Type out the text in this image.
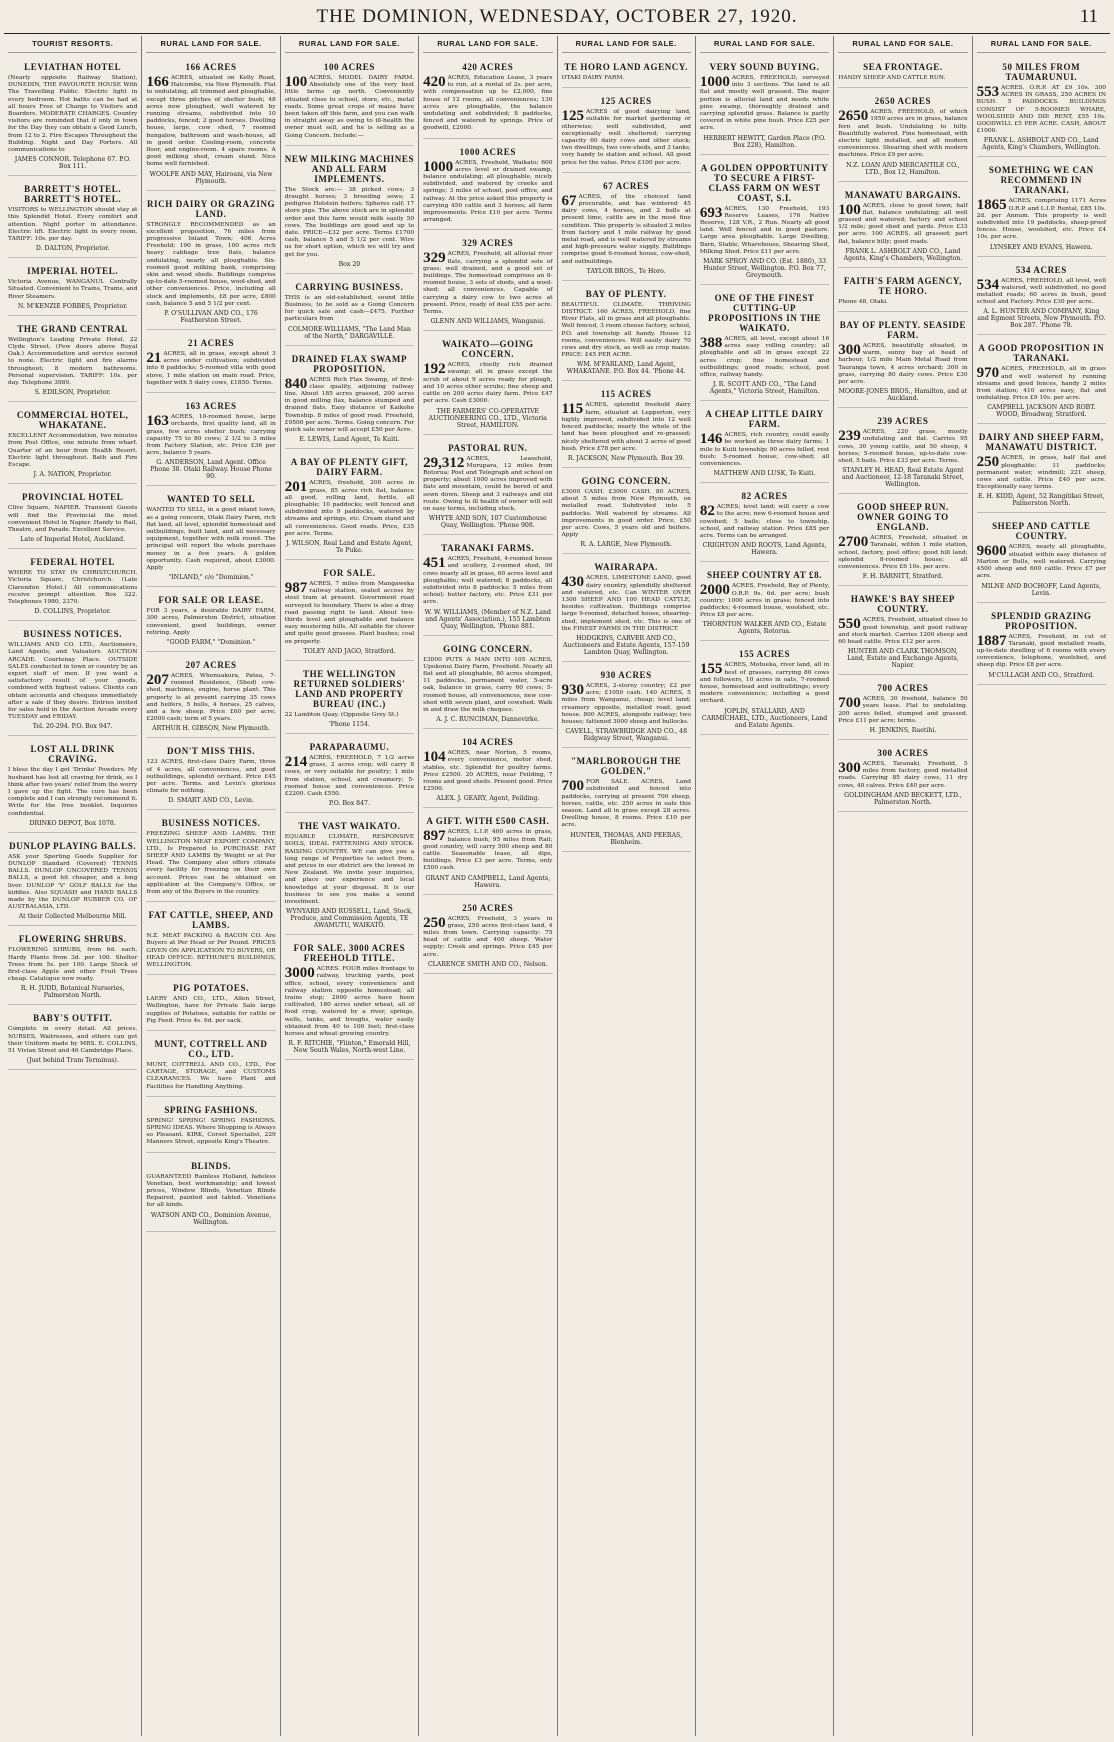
THE DOMINION, WEDNESDAY, OCTOBER 27, 1920.	11
TOURIST RESORTS.
LEVIATHAN HOTEL
(Nearly opposite Railway Station), DUNEDIN, THE FAVOURITE HOUSE With The Travelling Public. Electric light in every bedroom. Hot baths can be had at all hours Free of Charge to Visitors and Boarders. MODERATE CHARGES. Country visitors are reminded that if only in town for the Day they can obtain a Good Lunch, from 12 to 2. Fire Escapes Throughout the Building. Night and Day Porters. All communications to
JAMES CONNOR. Telephone 67. P.O. Box 111.
BARRETT'S HOTEL. BARRETT'S HOTEL.
VISITORS to WELLINGTON should stay at this Splendid Hotel. Every comfort and attention. Night porter in attendance. Electric lift. Electric light in every room. TARIFF: 10s. per day.
D. DALTON, Proprietor.
IMPERIAL HOTEL.
Victoria Avenue, WANGANUI. Centrally Situated. Convenient to Trains, Trams, and River Steamers.
N. M'KENZIE FORBES, Proprietor.
THE GRAND CENTRAL
Wellington's Leading Private Hotel. 22 Clyde Street. (Few doors above Royal Oak.) Accommodation and service second to none. Electric light and fire alarms throughout; 8 modern bathrooms. Personal supervision. TARIFF: 10s. per day. Telephone 3989.
S. EDILSON, Proprietor.
COMMERCIAL HOTEL, WHAKATANE.
EXCELLENT Accommodation, two minutes from Post Office, one minute from wharf. Quarter of an hour from Health Resort. Electric light throughout. Bath and Fire Escape.
J. A. NATION, Proprietor.
PROVINCIAL HOTEL
Clive Square, NAPIER. Transient Guests will find the Provincial the most convenient Hotel in Napier. Handy to Rail, Theatre, and Parade. Excellent Service.
Late of Imperial Hotel, Auckland.
FEDERAL HOTEL
WHERE TO STAY IN CHRISTCHURCH. Victoria Square, Christchurch. (Late Clarendon Hotel.) All communications receive prompt attention. Box 322. Telephones 1980, 2370.
D. COLLINS, Proprietor.
BUSINESS NOTICES.
WILLIAMS AND CO. LTD., Auctioneers, Land Agents, and Valuators. AUCTION ARCADE. Courtenay Place. OUTSIDE SALES conducted in town or country by an expert staff of men. If you want a satisfactory result of your goods, combined with highest values. Clients can obtain accounts and cheques immediately after a sale if they desire. Entries invited for sales held in the Auction Arcade every TUESDAY and FRIDAY.
Tel. 20-294. P.O. Box 947.
LOST ALL DRINK CRAVING.
I bless the day I got 'Drinko' Powders. My husband has lost all craving for drink, so I think after two years' relief from the worry I gave up the fight. The cure has been complete and I can strongly recommend it. Write for the free booklet. Inquiries confidential.
DRINKO DEPOT, Box 1078.
DUNLOP PLAYING BALLS.
ASK your Sporting Goods Supplier for DUNLOP Standard (Covered) TENNIS BALLS. DUNLOP UNCOVERED TENNIS BALLS, a good hit cheaper, and a long liver. DUNLOP 'V' GOLF BALLS for the kiddies. Also SQUASH and HAND BALLS made by the DUNLOP RUBBER CO. OF AUSTRALASIA, LTD.
At their Collected Melbourne Mill.
FLOWERING SHRUBS.
FLOWERING SHRUBS, from 6d. each. Hardy Plants from 3d. per 100. Shelter Trees from 5s. per 100. Large Stock of first-class Apple and other Fruit Trees cheap. Catalogue now ready.
R. H. JUDD, Botanical Nurseries, Palmerston North.
BABY'S OUTFIT.
Complete in every detail. All prices. NURSES, Waitresses, and others can get their Uniform made by MRS. E. COLLINS, 51 Vivian Street and 46 Cambridge Place.
(Just behind Tram Terminus).
RURAL LAND FOR SALE.
166 ACRES
166 ACRES, situated on Kelly Road, Halcombe, via New Plymouth. Flat to undulating, all trimmed and ploughable, except three pitches of shelter bush; 48 acres now ploughed, well watered by running streams, subdivided into 10 paddocks, fenced; 2 good horses. Dwelling house, large, cow shed, 7 roomed bungalow, bathroom and wash-house, all in good order. Cooling-room, concrete floor, and engine-room. 4 spare rooms. A good milking shed, cream stand. Nice home well furnished.
WOOLFE AND MAY, Hairoani, via New Plymouth.
RICH DAIRY OR GRAZING LAND.
STRONGLY RECOMMENDED as an excellent proposition, 76 miles from progressive Inland Town; 406 Acres Freehold; 190 in grass, 100 acres rich heavy cabbage tree flats, balance undulating, nearly all ploughable. Six-roomed good milking bank, comprising skin and wood sheds. Buildings comprise up-to-date 5-roomed house, wool-shed, and other conveniences. Price, including all stock and implements, £8 per acre, £800 cash, balance 5 and 5 1/2 per cent.
P. O'SULLIVAN AND CO., 176 Featherston Street.
21 ACRES
21 ACRES, all in grass, except about 3 acres under cultivation; subdivided into 6 paddocks; 5-roomed villa with good stove, 1 mile station on main road. Price, together with 5 dairy cows, £1850. Terms.
163 ACRES
163 ACRES, 10-roomed house, large orchards, first quality land, all in grass, few acres shelter bush; carrying capacity 75 to 80 cows; 2 1/2 to 3 miles from Factory Station, etc. Price £36 per acre, balance 5 years.
G. ANDERSON, Land Agent. Office Phone 38. Otaki Railway. House Phone 90.
WANTED TO SELL
WANTED TO SELL, in a good inland town, as a going concern, Otaki Dairy Farm, rich flat land, all level, splendid homestead and outbuildings, built land, and all necessary equipment, together with milk round. The principal will report the whole purchase money in a few years. A golden opportunity. Cash required, about £3000. Apply
"INLAND," c/o "Dominion."
FOR SALE OR LEASE.
FOR 3 years, a desirable DAIRY FARM, 300 acres, Palmerston District, situation convenient, good buildings, owner retiring. Apply
"GOOD FARM," "Dominion."
207 ACRES
207 ACRES, Whenuakura, Patea, 7-roomed Residence, (Shed) cow-shed, machines, engine, horse plant. This property is at present carrying 35 cows and heifers, 5 bulls, 4 horses, 25 calves, and a few sheep. Price £60 per acre; £2000 cash; term of 5 years.
ARTHUR H. GIBSON, New Plymouth.
DON'T MISS THIS.
123 ACRES, first-class Dairy Farm, three of 4 acres, all conveniences, and good outbuildings, splendid orchard. Price £45 per acre. Terms. and Levin's glorious climate for nothing.
D. SMART AND CO., Levin.
BUSINESS NOTICES.
FREEZING SHEEP AND LAMBS. THE WELLINGTON MEAT EXPORT COMPANY, LTD., Is Prepared to PURCHASE FAT SHEEP AND LAMBS By Weight or at Per Head. The Company also offers climate every facility for freezing on their own account. Prices can be obtained on application at the Company's Office, or from any of the Buyers in the country.
FAT CATTLE, SHEEP, AND LAMBS.
N.Z. MEAT PACKING & BACON CO. Are Buyers at Per Head or Per Pound. PRICES GIVEN ON APPLICATION TO BUYERS, OR HEAD OFFICE: BETHUNE'S BUILDINGS, WELLINGTON.
PIG POTATOES.
LAERY AND CO., LTD., Allen Street, Wellington, have for Private Sale large supplies of Potatoes, suitable for cattle or Pig Feed. Price 4s. 6d. per sack.
MUNT, COTTRELL AND CO., LTD.
MUNT, COTTRELL AND CO., LTD., For CARTAGE, STORAGE, and CUSTOMS CLEARANCES. We have Plant and Facilities for Handling Anything.
SPRING FASHIONS.
SPRING! SPRING! SPRING FASHIONS. SPRING IDEAS. Where Shopping is Always so Pleasant. KIRK, Corset Specialist, 229 Manners Street, opposite King's Theatre.
BLINDS.
GUARANTEED Rainless Holland, fadeless Venetian, best workmanship; and lowest prices, Window Blinds, Venetian Blinds Repaired, painted and tabled. Venetians for all kinds.
WATSON AND CO., Dominion Avenue, Wellington.
RURAL LAND FOR SALE.
100 ACRES
100 ACRES, MODEL DAIRY FARM. Absolutely one of the very best little farms up north. Conveniently situated close to school, store, etc., metal roads. Some great crops of maize have been taken off this farm, and you can walk in straight away as owing to ill-health the owner must sell, and he is selling as a Going Concern. Include:—
NEW MILKING MACHINES AND ALL FARM IMPLEMENTS.
The Stock are:— 38 picked cows; 3 draught horses; 3 breeding sows; 2 pedigree Holstein heifers; Spheres calf; 17 store pigs. The above stock are in splendid order and this farm would milk easily 50 cows. The buildings are good and up to date. PRICE—£32 per acre. Terms £1700 cash, balance 5 and 5 1/2 per cent. Wire us for short option, which we will try and get for you.
Box 20
CARRYING BUSINESS.
THIS is an old-established, sound little Business, to be sold as a Going Concern for quick sale and cash—£475. Further particulars from
COLMORE-WILLIAMS, "The Land Man of the North," DARGAVILLE.
DRAINED FLAX SWAMP PROPOSITION.
840 ACRES Rich Flax Swamp, of first-class quality, adjoining railway line. About 185 acres grassed, 200 acres in good milling flax, balance stumped and drained flats. Easy distance of Kaikohe Township. 8 miles of good road. Freehold, £9500 per acre. Terms. Going concern. For quick sale owner will accept £50 per Acre.
E. LEWIS, Land Agent, Te Kuiti.
A BAY OF PLENTY GIFT, DAIRY FARM.
201 ACRES, freehold, 200 acres in grass, 85 acres rich flat, balance all good, rolling land, fertile, all ploughable; 10 paddocks; well fenced and subdivided into 9 paddocks, watered by streams and springs, etc. Cream stand and all conveniences. Good roads. Price, £35 per acre. Terms.
J. WILSON, Real Land and Estate Agent, Te Puke.
FOR SALE.
987 ACRES, 7 miles from Mangaweka railway station, sealed access by steel tram at present. Government road surveyed to boundary. There is also a dray road passing right to land. About two-thirds level and ploughable and balance easy mustering hills. All suitable for clover and quite good grasses. Plant bushes; coal on property.
TOLEY AND JAGO, Stratford.
THE WELLINGTON RETURNED SOLDIERS' LAND AND PROPERTY BUREAU (INC.)
22 Lambton Quay. (Opposite Grey St.)
'Phone 1154.
PARAPARAUMU.
214 ACRES, FREEHOLD, 7 1/2 acres grass, 2 acres crop; will carry 8 cows, or very suitable for poultry; 1 mile from station, school, and creamery; 5-roomed house and conveniences. Price £2200. Cash £550.
P.O. Box 847.
THE VAST WAIKATO.
EQUABLE CLIMATE, RESPONSIVE SOILS, IDEAL FATTENING AND STOCK-RAISING COUNTRY. WE can give you a long range of Properties to select from, and prices in our district are the lowest in New Zealand. We invite your inquiries, and place our experience and local knowledge at your disposal. It is our business to see you make a sound investment.
WYNYARD AND RUSSELL, Land, Stock, Produce, and Commission Agents, TE AWAMUTU, WAIKATO.
FOR SALE. 3000 ACRES FREEHOLD TITLE.
3000 ACRES. FOUR miles frontage to railway, trucking yards, post office, school, every convenience and railway station opposite homestead; all trains stop; 2000 acres have been cultivated, 180 acres under wheat, all of food crop, watered by a river, springs, wells, tanks, and troughs, water easily obtained from 40 to 100 feet; first-class horses and wheat growing country.
R. F. RITCHIE, "Fiinton," Emerald Hill, New South Wales, North-west Line.
RURAL LAND FOR SALE.
420 ACRES
420 ACRES, Education Lease, 3 years to run, at a rental of 2s. per acre, with compensation up to £2,000, fine house of 12 rooms, all conveniences; 130 acres are ploughable, the balance undulating and subdivided; 8 paddocks, fenced and watered by springs. Price of goodwill, £2000.
1000 ACRES
1000 ACRES, Freehold, Waikato; 600 acres level or drained swamp, balance undulating; all ploughable, nicely subdivided, and watered by creeks and springs; 3 miles of school, post office, and railway. At the price asked this property is carrying 450 cattle and 3 horses; all farm improvements. Price £10 per acre. Terms arranged.
329 ACRES
329 ACRES, Freehold, all alluvial river flats, carrying a splendid sole of grass; well drained, and a good set of buildings. The homestead comprises an 8-roomed house, 3 sets of sheds, and a wool-shed; all conveniences. Capable of carrying a dairy cow to two acres at present. Price, ready of deal £55 per acre. Terms.
GLENN AND WILLIAMS, Wanganui.
WAIKATO—GOING CONCERN.
192 ACRES, chiefly rich drained swamp; all in grass except the scrub of about 9 acres ready for plough, and 10 acres other scrubs; fine sheep and cattle on 200 acres dairy farm. Price £47 per acre. Cash £3000.
THE FARMERS' CO-OPERATIVE AUCTIONEERING CO., LTD., Victoria Street, HAMILTON.
PASTORAL RUN.
29,312 ACRES, Leasehold, Murupara, 12 miles from Rotorua; Post and Telegraph and school on property; about 1000 acres improved with flats and mountain, could be bored of and sown down. Sheep and 3 railways and old route. Owing to ill health of owner will sell on easy terms, including stock.
WHYTE AND SON, 107 Customhouse Quay, Wellington. 'Phone 908.
TARANAKI FARMS.
451 ACRES, Freehold, 4-roomed house and scullery, 2-roomed shed, 90 cows nearly all in grass, 60 acres level and ploughable; well watered; 8 paddocks, all subdivided into 8 paddocks; 5 miles from school; butter factory, etc. Price £31 per acre.
W. W. WILLIAMS, (Member of N.Z. Land and Agents' Association.), 155 Lambton Quay, Wellington. 'Phone 881.
GOING CONCERN.
£3000 PUTS A MAN INTO 105 ACRES, Upokonui Dairy Farm, Freehold. Nearly all flat and all ploughable, 80 acres stumped, 11 paddocks, permanent water, 5-acre oak, balance in grass, carry 60 cows; 5-roomed house, all conveniences, new cow-shed with seven plant, and cowshed. Walk in and draw the milk cheques.
A. J. C. RUNCIMAN, Dannevirke.
104 ACRES
104 ACRES, near Norton, 5 rooms, every convenience, motor shed, stables, etc. Splendid for poultry farms. Price £2500. 20 ACRES, near Feilding, 7 rooms and good sheds. Present good. Price £2500.
ALEX. J. GEARY, Agent, Feilding.
A GIFT. WITH £500 CASH.
897 ACRES, L.I.P. 400 acres in grass, balance bush, 95 miles from Rail; good country, will carry 500 sheep and 80 cattle. Seasonable lease, all dips, buildings. Price £3 per acre. Terms, only £500 cash.
GRANT AND CAMPBELL, Land Agents, Hawera.
250 ACRES
250 ACRES, Freehold, 3 years in grass, 250 acres first-class land, 4 miles from town. Carrying capacity: 75 head of cattle and 400 sheep. Water supply: Creek and springs. Price £45 per acre.
CLARENCE SMITH AND CO., Nelson.
RURAL LAND FOR SALE.
TE HORO LAND AGENCY.
OTAKI DAIRY FARM.
125 ACRES
125 ACRES of good dairying land, suitable for market gardening or otherwise; well subdivided, and exceptionally well sheltered; carrying capacity 60 dairy cows and other stock; two dwellings, two cow-sheds, and 3 tanks, very handy to station and school. All good price for the value. Price £100 per acre.
67 ACRES
67 ACRES, of the choicest land procurable, and has wintered 45 dairy cows, 4 horses, and 2 bulls at present time, cattle are in the most fine condition. This property is situated 2 miles from factory and 1 mile railway by good metal road, and is well watered by streams and high-pressure water supply. Buildings comprise good 6-roomed house, cow-shed, and outbuildings.
TAYLOR BROS., Te Horo.
BAY OF PLENTY.
BEAUTIFUL CLIMATE. THRIVING DISTRICT. 160 ACRES, FREEHOLD, fine River Flats, all in grass and all ploughable. Well fenced, 3 room cheese factory, school, P.O. and township all handy. House 12 rooms, conveniences. Will easily dairy 70 cows and dry stock, as well as crop maize. PRICE: £45 PER ACRE.
WM. M'FARLAND, Land Agent, WHAKATANE. P.O. Box 44. 'Phone 44.
115 ACRES
115 ACRES, splendid freehold dairy farm, situated at Lepperton, very highly improved, subdivided into 12 well fenced paddocks; nearly the whole of the land has been ploughed and re-grassed; nicely sheltered with about 2 acres of good bush. Price £78 per acre.
R. JACKSON, New Plymouth. Box 39.
GOING CONCERN.
£3000 CASH. £3000 CASH. 80 ACRES, about 5 miles from New Plymouth, on metalled road. Subdivided into 5 paddocks. Well watered by streams. All improvements in good order. Price, £50 per acre. Cows, 5 years old and heifers. Apply
R. A. LARGE, New Plymouth.
WAIRARAPA.
430 ACRES, LIMESTONE LAND, good dairy country, splendidly sheltered and watered, etc. Can WINTER OVER 1300 SHEEP AND 100 HEAD CATTLE, besides cultivation. Buildings comprise large 9-roomed, detached house, shearing-shed, implement shed, etc. This is one of the FINEST FARMS IN THE DISTRICT.
HODGKINS, CARVER AND CO., Auctioneers and Estate Agents, 157-159 Lambton Quay, Wellington.
930 ACRES
930 ACRES, 2-storey country; £2 per acre; £1050 cash. 140 ACRES, 5 miles from Wanganui, cheap; level land; creamery opposite, metalled road, good house. 800 ACRES, alongside railway; two houses; fattened 3000 sheep and bullocks.
CAVELL, STRAWBRIDGE AND CO., 48 Ridgway Street, Wanganui.
"MARLBOROUGH THE GOLDEN."
700 FOR SALE. ACRES, Land subdivided and fenced into paddocks, carrying at present 700 sheep, horses, cattle, etc. 250 acres in oats this season. Land all in grass except 28 acres. Dwelling house, 8 rooms. Price £10 per acre.
HUNTER, THOMAS, AND PEERAS, Blenheim.
RURAL LAND FOR SALE.
VERY SOUND BUYING.
1000 ACRES, FREEHOLD, surveyed into 3 sections. The land is all flat and mostly well grassed. The major portion is alluvial land and needs white pine swamp, thoroughly drained and carrying splendid grass. Balance is partly covered in white pine bush. Price £25 per acre.
HERBERT HEWITT, Garden Place (P.O. Box 228), Hamilton.
A GOLDEN OPPORTUNITY TO SECURE A FIRST-CLASS FARM ON WEST COAST, S.I.
693 ACRES, 130 Freehold, 193 Reserve Leases, 176 Native Reserve, 128 V.R., 2 Run. Nearly all good land. Well fenced and in good pasture. Large area ploughable. Large Dwelling, Barn, Stable, Wharehouse, Shearing Shed, Milking Shed. Price £11 per acre.
MARK SPROY AND CO. (Est. 1880), 33 Hunter Street, Wellington. P.O. Box 77, Greymouth.
ONE OF THE FINEST CUTTING-UP PROPOSITIONS IN THE WAIKATO.
388 ACRES, all level, except about 16 acres easy rolling country; all ploughable and all in grass except 22 acres crop; fine homestead and outbuildings; good roads; school, post office, railway handy.
J. R. SCOTT AND CO., "The Land Agents," Victoria Street, Hamilton.
A CHEAP LITTLE DAIRY FARM.
146 ACRES, rich country, could easily be worked as three dairy farms; 1 mile to Kuiti township; 90 acres felled, rest bush; 5-roomed house; cow-shed; all conveniences.
MATTHEW AND LUSK, Te Kuiti.
82 ACRES
82 ACRES; level land; will carry a cow to the acre; new 6-roomed house and cowshed; 5 bails; close to township, school, and railway station. Price £85 per acre. Terms can be arranged.
CRIGHTON AND ROOTS, Land Agents, Hawera.
SHEEP COUNTRY AT £8.
2000 ACRES, Freehold, Bay of Plenty, O.R.P. 9s. 6d. per acre; bush country; 1000 acres in grass; fenced into paddocks; 4-roomed house, woolshed, etc. Price £8 per acre.
THORNTON WALKER AND CO., Estate Agents, Rotorua.
155 ACRES
155 ACRES, Motueka, river land, all in best of grasses, carrying 80 cows and followers, 10 acres in oats, 7-roomed house, homestead and outbuildings; every modern convenience; including a good orchard.
JOPLIN, STALLARD, AND CARMICHAEL, LTD., Auctioneers, Land and Estate Agents.
RURAL LAND FOR SALE.
SEA FRONTAGE.
HANDY SHEEP AND CATTLE RUN.
2650 ACRES
2650 ACRES, FREEHOLD, of which 1950 acres are in grass, balance fern and bush. Undulating to hilly. Beautifully watered. Fine homestead, with electric light installed, and all modern conveniences. Shearing shed with modern machines. Price £9 per acre.
N.Z. LOAN AND MERCANTILE CO., LTD., Box 12, Hamilton.
MANAWATU BARGAINS.
100 ACRES, close to good town; half flat, balance undulating; all well grassed and watered; factory and school 1/2 mile; good shed and yards. Price £33 per acre. 100 ACRES, all grassed; part flat, balance hilly; good roads.
FRANK L. ASHBOLT AND CO., Land Agents, King's Chambers, Wellington.
FAITH'S FARM AGENCY, TE HORO.
Phone 48, Otaki.
BAY OF PLENTY. SEASIDE FARM.
300 ACRES, beautifully situated, in warm, sunny bay at head of harbour, 1/2 mile Main Metal Road from Tauranga town, 4 acres orchard; 300 in grass, carrying 80 dairy cows. Price £30 per acre.
MOORE-JONES BROS., Hamilton, and at Auckland.
239 ACRES
239 ACRES, 220 grass, mostly undulating and flat. Carries 95 cows, 30 young cattle, and 50 sheep, 4 horses; 5-roomed house, up-to-date cow-shed, 5 bails. Price £33 per acre. Terms.
STANLEY H. HEAD, Real Estate Agent and Auctioneer, 12-18 Taranaki Street, Wellington.
GOOD SHEEP RUN. OWNER GOING TO ENGLAND.
2700 ACRES, Freehold, situated in Taranaki, within 1 mile station, school, factory, post office; good hill land; splendid 8-roomed house; all conveniences. Price £6 10s. per acre.
F. H. BARNITT, Stratford.
HAWKE'S BAY SHEEP COUNTRY.
550 ACRES, Freehold, situated close to good township, and good railway and stock market. Carries 1200 sheep and 60 head cattle. Price £12 per acre.
HUNTER AND CLARK THOMSON, Land, Estate and Exchange Agents, Napier.
700 ACRES
700 ACRES, 30 freehold, balance 50 years lease. Flat to undulating. 200 acres felled, stumped and grassed. Price £11 per acre; terms.
H. JENKINS, Raetihi.
300 ACRES
300 ACRES, Taranaki, Freehold, 5 miles from factory, good metalled roads. Carrying 85 dairy cows, 11 dry cows, 40 calves. Price £40 per acre.
GOLDINGHAM AND BECKETT, LTD., Palmerston North.
RURAL LAND FOR SALE.
50 MILES FROM TAUMARUNUI.
553 ACRES. O.R.P. AT £9 10s. 300 ACRES IN GRASS, 250 ACRES IN BUSH. 5 PADDOCKS. BUILDINGS CONSIST OF 5-ROOMED WHARE, WOOLSHED AND DIP. RENT, £55 10s. GOODWILL £5 PER ACRE. CASH, ABOUT £1000.
FRANK L. ASHBOLT AND CO., Land Agents, King's Chambers, Wellington.
SOMETHING WE CAN RECOMMEND IN TARANAKI.
1865 ACRES, comprising 1171 Acres O.R.P. and L.I.P. Rental, £85 10s. 2d. per Annum. This property is well subdivided into 19 paddocks, sheep-proof fences. House, woolshed, etc. Price £4 10s. per acre.
LYNSKEY AND EVANS, Hawera.
534 ACRES
534 ACRES, FREEHOLD, all level, well watered, well subdivided, no good metalled roads; 60 acres in bush, good school and Factory. Price £30 per acre.
A. L. HUNTER AND COMPANY, King and Egmont Streets, New Plymouth. P.O. Box 287. 'Phone 78.
A GOOD PROPOSITION IN TARANAKI.
970 ACRES, FREEHOLD, all in grass and well watered by running streams and good fences, handy 2 miles from station; 410 acres easy, flat and undulating. Price £9 10s. per acre.
CAMPBELL JACKSON AND ROBT. WOOD, Broadway, Stratford.
DAIRY AND SHEEP FARM, MANAWATU DISTRICT.
250 ACRES, in grass, half flat and ploughable; 11 paddocks; permanent water, windmill; 221 sheep, cows and cattle. Price £40 per acre. Exceptionally easy terms.
E. H. KIDD, Agent, 52 Rangitikei Street, Palmerston North.
SHEEP AND CATTLE COUNTRY.
9600 ACRES, nearly all ploughable, situated within easy distance of Marton or Bulls, well watered. Carrying 4500 sheep and 600 cattle. Price £7 per acre.
MILNE AND BOCHOFF, Land Agents, Levin.
SPLENDID GRAZING PROPOSITION.
1887 ACRES, Freehold, in cut of Taranaki, good metalled roads, up-to-date dwelling of 6 rooms with every convenience, telephone, woolshed, and sheep dip. Price £8 per acre.
M'CULLAGH AND CO., Stratford.
